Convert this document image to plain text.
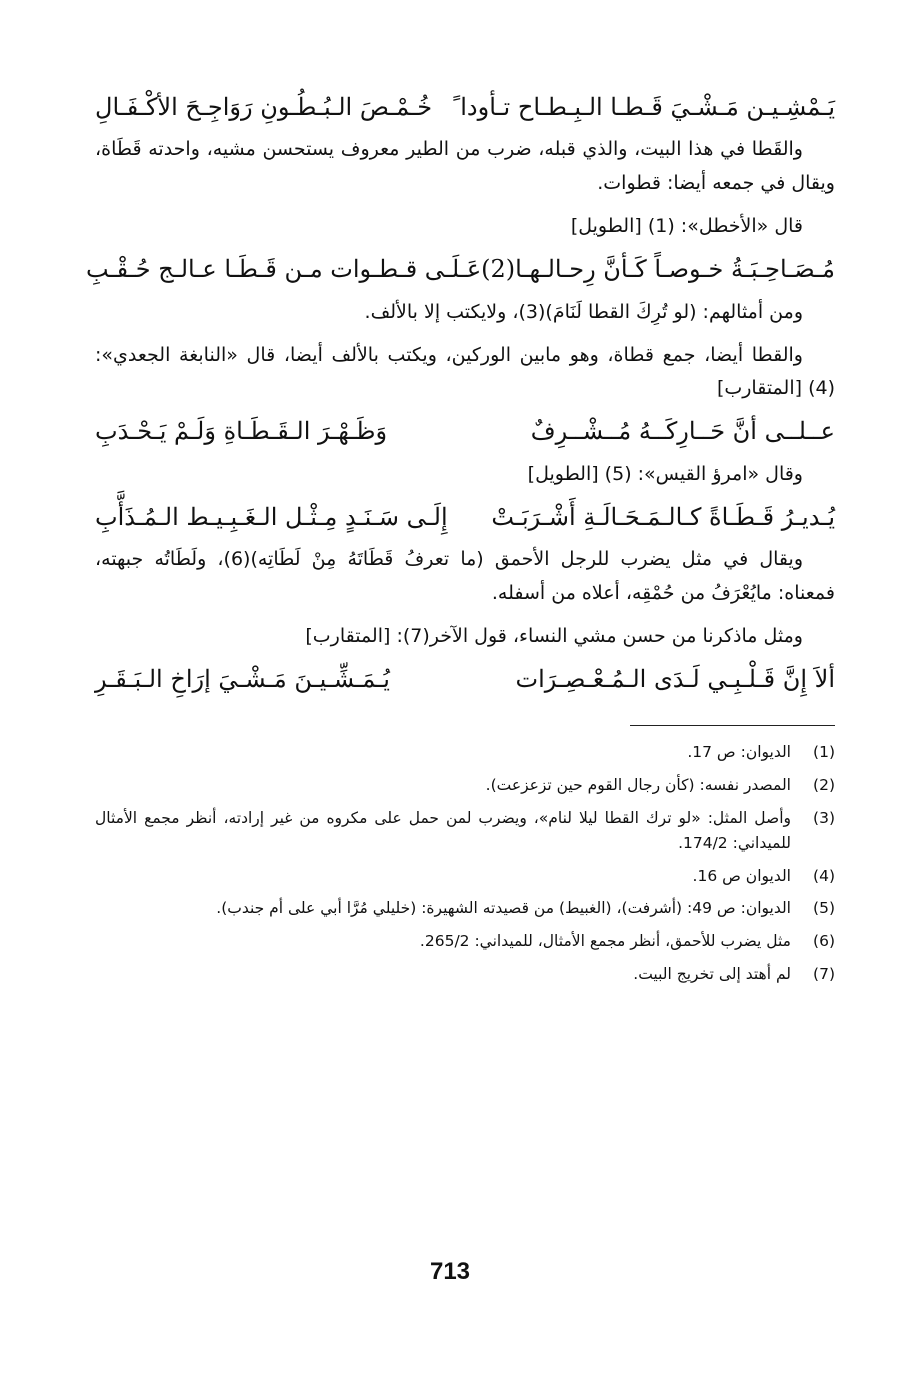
يَـمْشِـيـن مَـشْـيَ قَـطـا الـبِـطـاح تـأودا ً
خُـمْـصَ الـبُـطُـونِ رَوَاجِـحَ الأكْـفَـالِ

والقَطا في هذا البيت، والذي قبله، ضرب من الطير معروف يستحسن مشيه، واحدته قَطَاة، ويقال في جمعه أيضا: قطوات.

قال «الأخطل»: (1) [الطويل]

مُـصَـاحِـبَـةُ خـوصـاً كَـأنَّ رِحـالـهـا(2)
عَـلَـى قـطـوات مـن قَـطَـا عـالـج حُـقْـبِ

ومن أمثالهم: (لو تُرِكَ القطا لَنَامَ)(3)، ولايكتب إلا بالألف.

والقطا أيضا، جمع قطاة، وهو مابين الوركين، ويكتب بالألف أيضا، قال «النابغة الجعدي»: (4) [المتقارب]

عــلــى أنَّ حَــارِكَــهُ مُــشْــرِفٌ
وَظَـهْـرَ الـقَـطَـاةِ وَلَـمْ يَـحْـدَبِ

وقال «امرؤ القيس»: (5) [الطويل]

يُـديـرُ قَـطَـاةً كـالـمَـحَـالَـةِ أَشْـرَبَـتْ
إِلَـى سَـنَـدٍ مِـثْـل الـغَـبِـيـط الـمُـذَأَّبِ

ويقال في مثل يضرب للرجل الأحمق (ما تعرفُ قَطَاتَهُ مِنْ لَطَاتِه)(6)، ولَطَاتُه جبهته، فمعناه: مايُعْرَفُ من حُمْقِه، أعلاه من أسفله.

ومثل ماذكرنا من حسن مشي النساء، قول الآخر(7): [المتقارب]

ألاَ إِنَّ قَـلْـبِـي لَـدَى الـمُـعْـصِـرَات
يُـمَـشِّـيـنَ مَـشْـيَ إرَاخِ الـبَـقَـرِ
(1)
الديوان: ص 17.
(2)
المصدر نفسه: (كأن رجال القوم حين تزعزعت).
(3)
وأصل المثل: «لو ترك القطا ليلا لنام»، ويضرب لمن حمل على مكروه من غير إرادته، أنظر مجمع الأمثال للميداني: 174/2.
(4)
الديوان ص 16.
(5)
الديوان: ص 49: (أشرفت)، (الغبيط) من قصيدته الشهيرة: (خليلي مُرَّا أبي على أم جندب).
(6)
مثل يضرب للأحمق، أنظر مجمع الأمثال، للميداني: 265/2.
(7)
لم أهتد إلى تخريج البيت.
713
